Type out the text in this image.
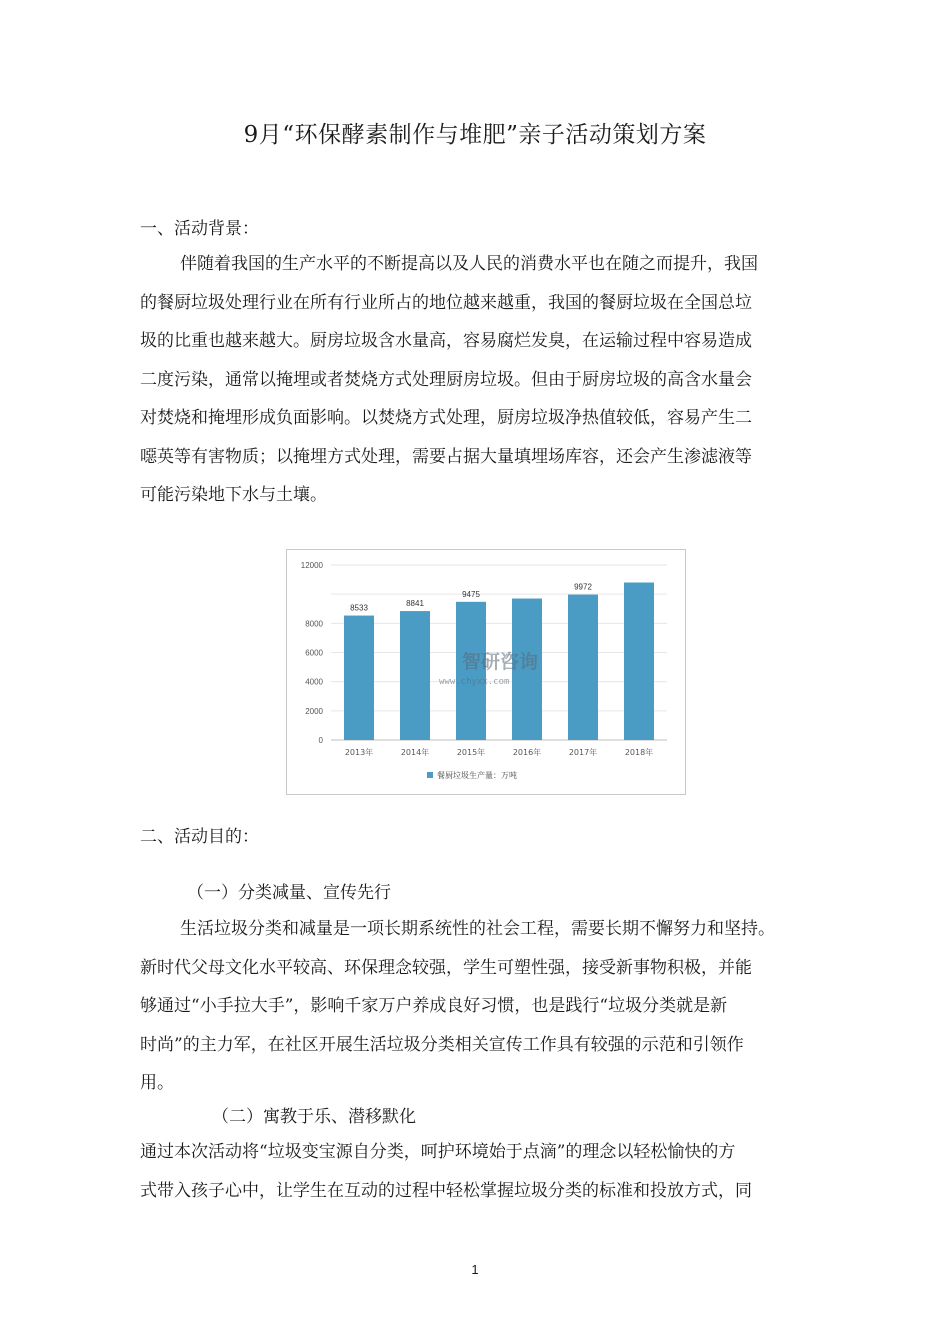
9月“环保酵素制作与堆肥”亲子活动策划方案
一、活动背景：
伴随着我国的生产水平的不断提高以及人民的消费水平也在随之而提升，我国
的餐厨垃圾处理行业在所有行业所占的地位越来越重，我国的餐厨垃圾在全国总垃
圾的比重也越来越大。厨房垃圾含水量高，容易腐烂发臭，在运输过程中容易造成
二度污染，通常以掩埋或者焚烧方式处理厨房垃圾。但由于厨房垃圾的高含水量会
对焚烧和掩埋形成负面影响。以焚烧方式处理，厨房垃圾净热值较低，容易产生二
噁英等有害物质；以掩埋方式处理，需要占据大量填埋场库容，还会产生渗滤液等
可能污染地下水与土壤。
0
2000
4000
6000
8000
12000
8533
2013年
8841
2014年
9475
2015年	2016年
9972
2017年	2018年
智研咨询
www.chyxx.com
餐厨垃圾生产量：万吨
二、活动目的：
（一）分类减量、宣传先行
生活垃圾分类和减量是一项长期系统性的社会工程，需要长期不懈努力和坚持。
新时代父母文化水平较高、环保理念较强，学生可塑性强，接受新事物积极，并能
够通过“小手拉大手”，影响千家万户养成良好习惯，也是践行“垃圾分类就是新
时尚”的主力军，在社区开展生活垃圾分类相关宣传工作具有较强的示范和引领作
用。
（二）寓教于乐、潜移默化
通过本次活动将“垃圾变宝源自分类，呵护环境始于点滴”的理念以轻松愉快的方
式带入孩子心中，让学生在互动的过程中轻松掌握垃圾分类的标准和投放方式，同
1
